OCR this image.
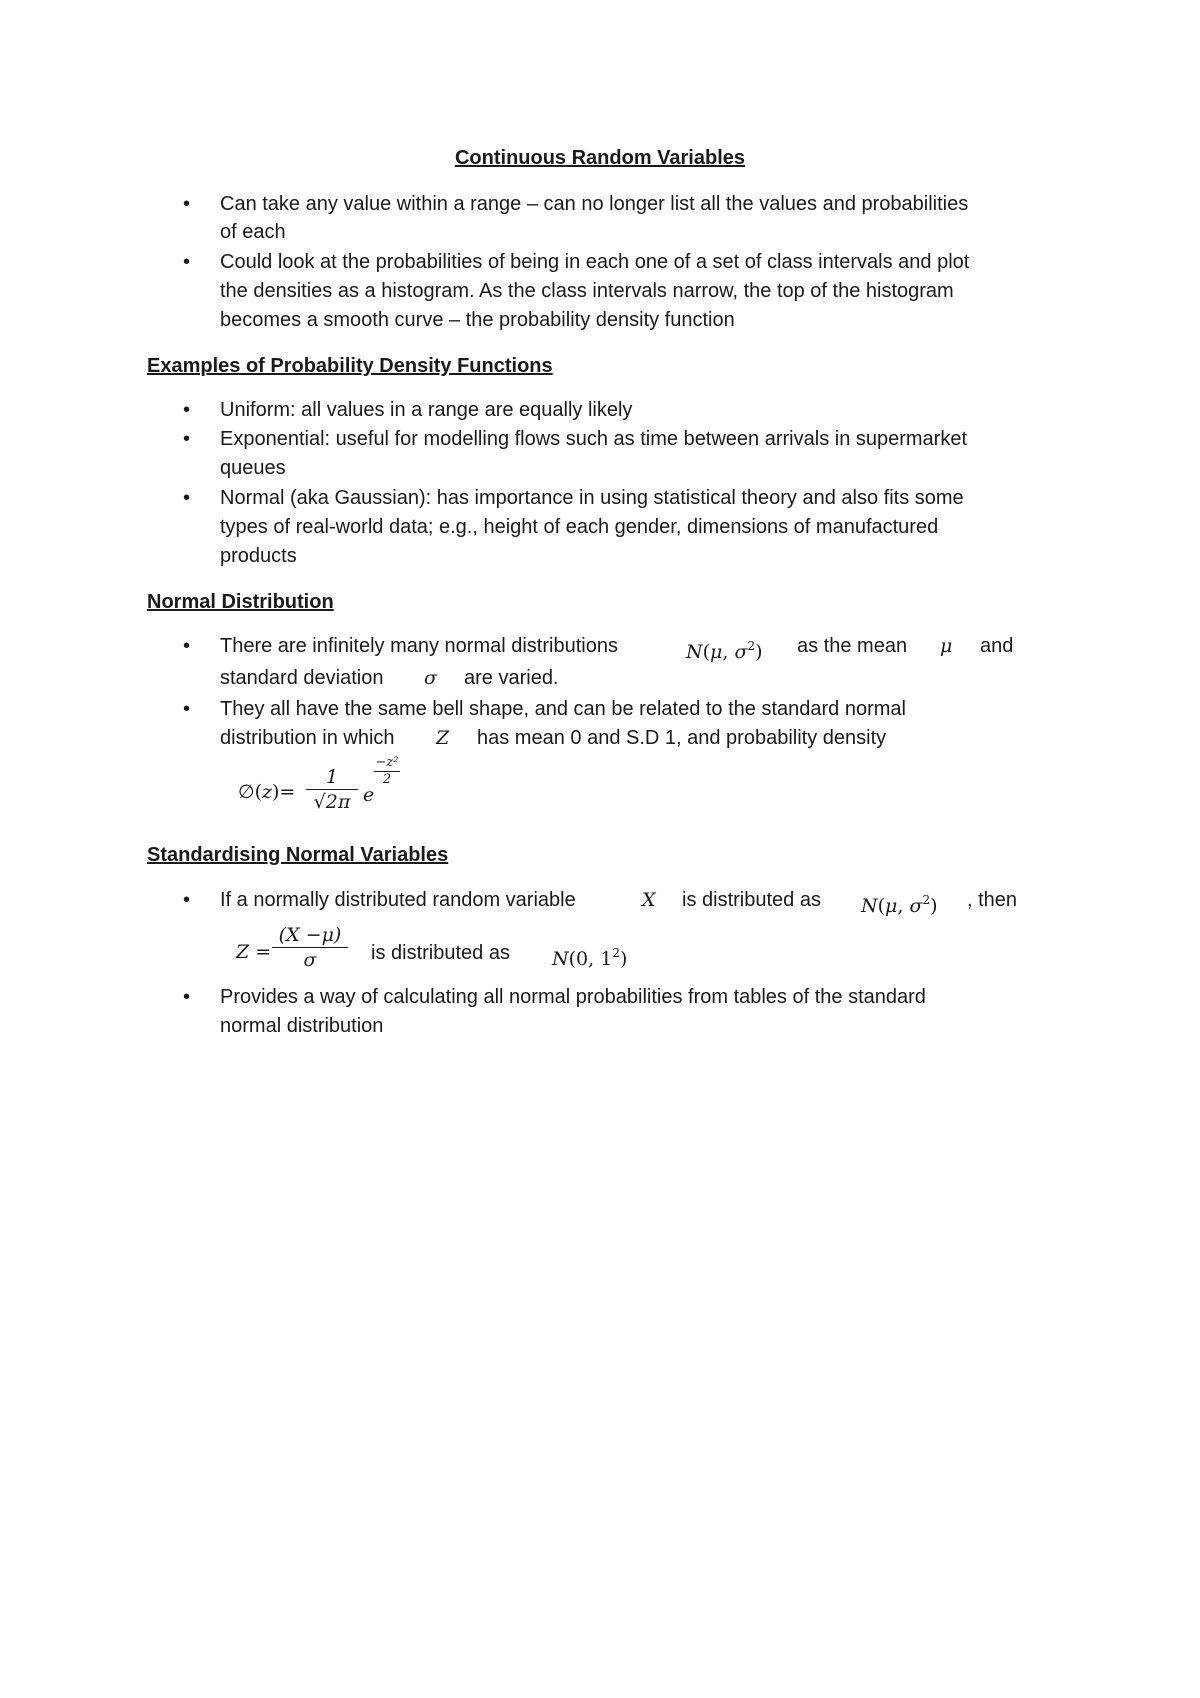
Continuous Random Variables
• Can take any value within a range – can no longer list all the values and probabilities
of each
• Could look at the probabilities of being in each one of a set of class intervals and plot
the densities as a histogram. As the class intervals narrow, the top of the histogram
becomes a smooth curve – the probability density function
Examples of Probability Density Functions
• Uniform: all values in a range are equally likely
• Exponential: useful for modelling flows such as time between arrivals in supermarket
queues
• Normal (aka Gaussian): has importance in using statistical theory and also fits some
types of real-world data; e.g., height of each gender, dimensions of manufactured
products
Normal Distribution
• There are infinitely many normal distributions	N(μ, $\sigma^2$) as the mean μ and
standard deviation σ are varied.
• They all have the same bell shape, and can be related to the standard normal
distribution in which Z has mean 0 and S.D 1, and probability density
∅(z)=
1
√2π e
−z²
2
Standardising Normal Variables
• If a normally distributed random variable	X is distributed as N(μ, $\sigma^2$) , then
Z =
(X −μ)
σ	is distributed as N(0, $1^2$)
• Provides a way of calculating all normal probabilities from tables of the standard
normal distribution
